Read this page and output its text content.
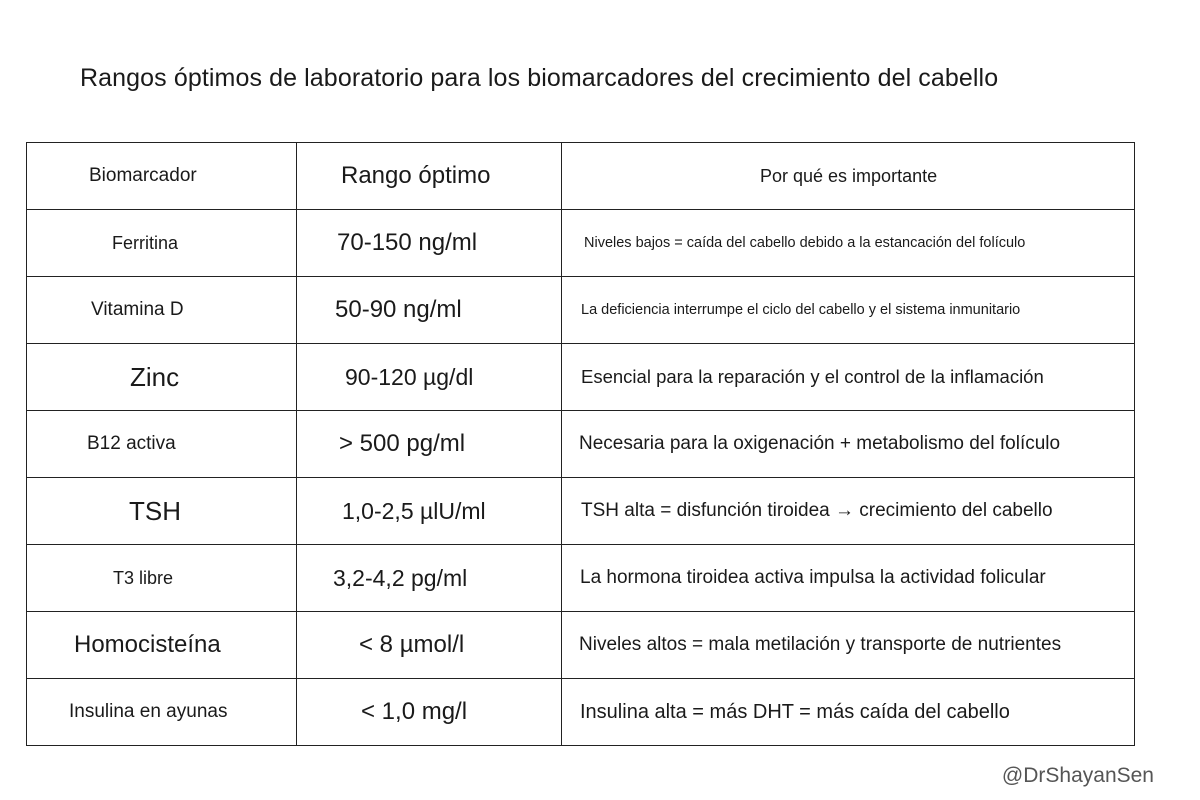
Rangos óptimos de laboratorio para los biomarcadores del crecimiento del cabello
Biomarcador	Rango óptimo	Por qué es importante
Ferritina	70-150 ng/ml	Niveles bajos = caída del cabello debido a la estancación del folículo
Vitamina D	50-90 ng/ml	La deficiencia interrumpe el ciclo del cabello y el sistema inmunitario
Zinc	90-120 µg/dl	Esencial para la reparación y el control de la inflamación
B12 activa	> 500 pg/ml	Necesaria para la oxigenación + metabolismo del folículo
TSH	1,0-2,5 µlU/ml	TSH alta = disfunción tiroidea → crecimiento del cabello
T3 libre	3,2-4,2 pg/ml	La hormona tiroidea activa impulsa la actividad folicular
Homocisteína	< 8 µmol/l	Niveles altos = mala metilación y transporte de nutrientes
Insulina en ayunas	< 1,0 mg/l	Insulina alta = más DHT = más caída del cabello
@DrShayanSen
